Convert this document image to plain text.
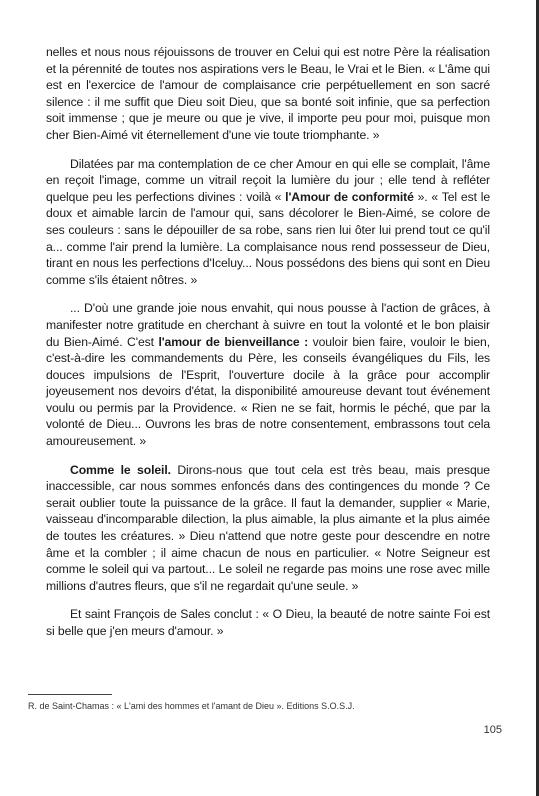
nelles et nous nous réjouissons de trouver en Celui qui est notre Père la réalisation et la pérennité de toutes nos aspirations vers le Beau, le Vrai et le Bien. « L'âme qui est en l'exercice de l'amour de complaisance crie perpétuellement en son sacré silence : il me suffit que Dieu soit Dieu, que sa bonté soit infinie, que sa perfection soit immense ; que je meure ou que je vive, il importe peu pour moi, puisque mon cher Bien-Aimé vit éternellement d'une vie toute triomphante. »

Dilatées par ma contemplation de ce cher Amour en qui elle se complait, l'âme en reçoit l'image, comme un vitrail reçoit la lumière du jour ; elle tend à refléter quelque peu les perfections divines : voilà « l'Amour de conformité ». « Tel est le doux et aimable larcin de l'amour qui, sans décolorer le Bien-Aimé, se colore de ses couleurs : sans le dépouiller de sa robe, sans rien lui ôter lui prend tout ce qu'il a... comme l'air prend la lumière. La complaisance nous rend possesseur de Dieu, tirant en nous les perfections d'Iceluy... Nous possédons des biens qui sont en Dieu comme s'ils étaient nôtres. »

... D'où une grande joie nous envahit, qui nous pousse à l'action de grâces, à manifester notre gratitude en cherchant à suivre en tout la volonté et le bon plaisir du Bien-Aimé. C'est l'amour de bienveillance : vouloir bien faire, vouloir le bien, c'est-à-dire les commandements du Père, les conseils évangéliques du Fils, les douces impulsions de l'Esprit, l'ouverture docile à la grâce pour accomplir joyeusement nos devoirs d'état, la disponibilité amoureuse devant tout événement voulu ou permis par la Providence. « Rien ne se fait, hormis le péché, que par la volonté de Dieu... Ouvrons les bras de notre consentement, embrassons tout cela amoureusement. »

Comme le soleil. Dirons-nous que tout cela est très beau, mais presque inaccessible, car nous sommes enfoncés dans des contingences du monde ? Ce serait oublier toute la puissance de la grâce. Il faut la demander, supplier « Marie, vaisseau d'incomparable dilection, la plus aimable, la plus aimante et la plus aimée de toutes les créatures. » Dieu n'attend que notre geste pour descendre en notre âme et la combler ; il aime chacun de nous en particulier. « Notre Seigneur est comme le soleil qui va partout... Le soleil ne regarde pas moins une rose avec mille millions d'autres fleurs, que s'il ne regardait qu'une seule. »

Et saint François de Sales conclut : « O Dieu, la beauté de notre sainte Foi est si belle que j'en meurs d'amour. »

R. de Saint-Chamas : « L'ami des hommes et l'amant de Dieu ». Editions S.O.S.J.
105
